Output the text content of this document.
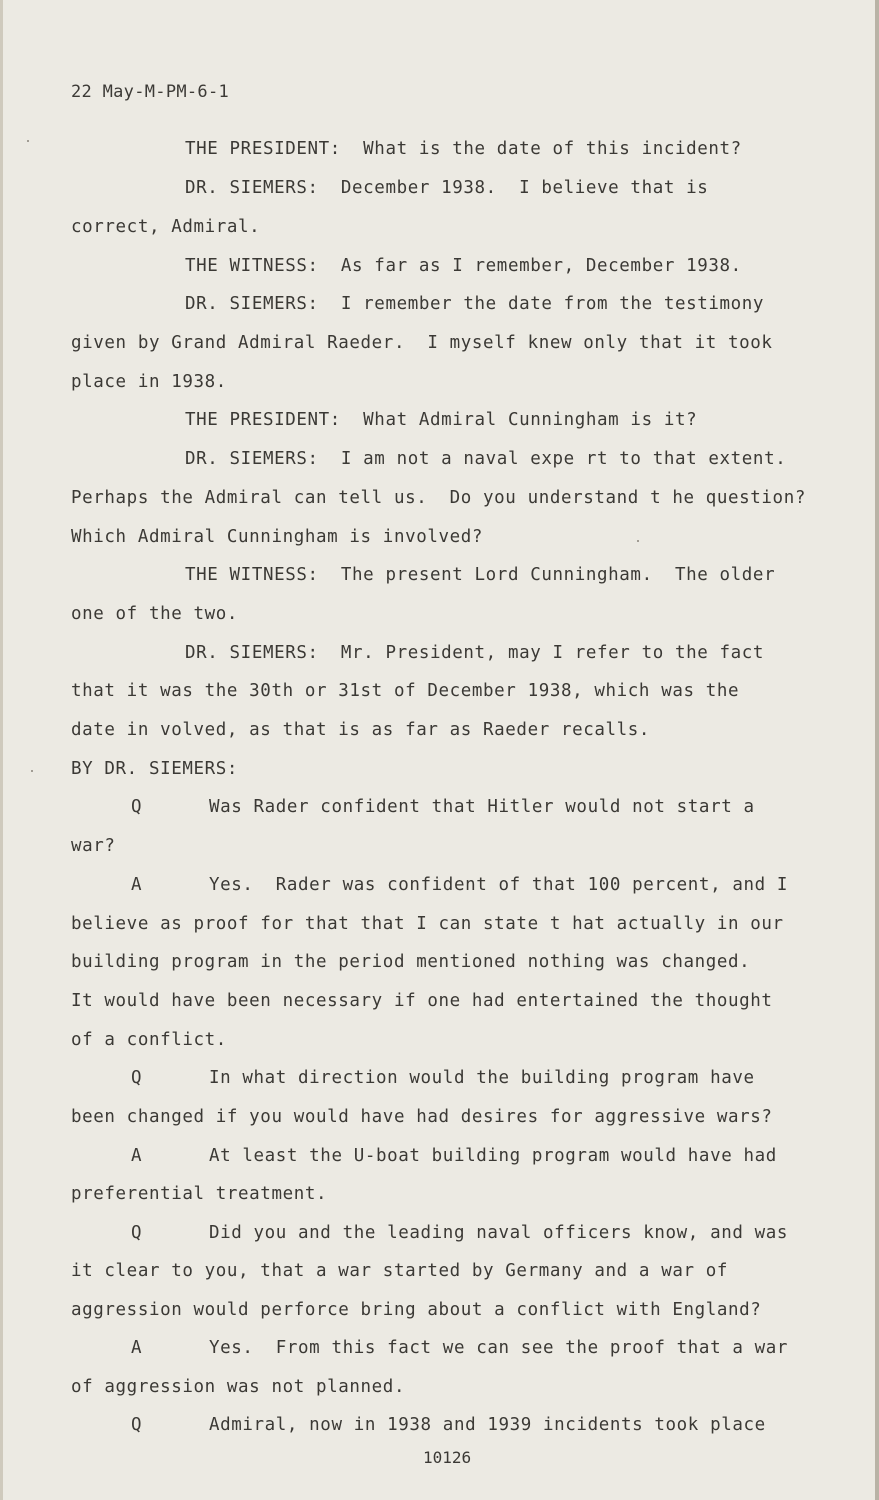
22 May-M-PM-6-1
THE PRESIDENT:  What is the date of this incident?
DR. SIEMERS:  December 1938.  I believe that is
correct, Admiral.
THE WITNESS:  As far as I remember, December 1938.
DR. SIEMERS:  I remember the date from the testimony
given by Grand Admiral Raeder.  I myself knew only that it took
place in 1938.
THE PRESIDENT:  What Admiral Cunningham is it?
DR. SIEMERS:  I am not a naval expe rt to that extent.
Perhaps the Admiral can tell us.  Do you understand t he question?
Which Admiral Cunningham is involved?
THE WITNESS:  The present Lord Cunningham.  The older
one of the two.
DR. SIEMERS:  Mr. President, may I refer to the fact
that it was the 30th or 31st of December 1938, which was the
date in volved, as that is as far as Raeder recalls.
BY DR. SIEMERS:
Q      Was Rader confident that Hitler would not start a
war?
A      Yes.  Rader was confident of that 100 percent, and I
believe as proof for that that I can state t hat actually in our
building program in the period mentioned nothing was changed.
It would have been necessary if one had entertained the thought
of a conflict.
Q      In what direction would the building program have
been changed if you would have had desires for aggressive wars?
A      At least the U-boat building program would have had
preferential treatment.
Q      Did you and the leading naval officers know, and was
it clear to you, that a war started by Germany and a war of
aggression would perforce bring about a conflict with England?
A      Yes.  From this fact we can see the proof that a war
of aggression was not planned.
Q      Admiral, now in 1938 and 1939 incidents took place
10126
